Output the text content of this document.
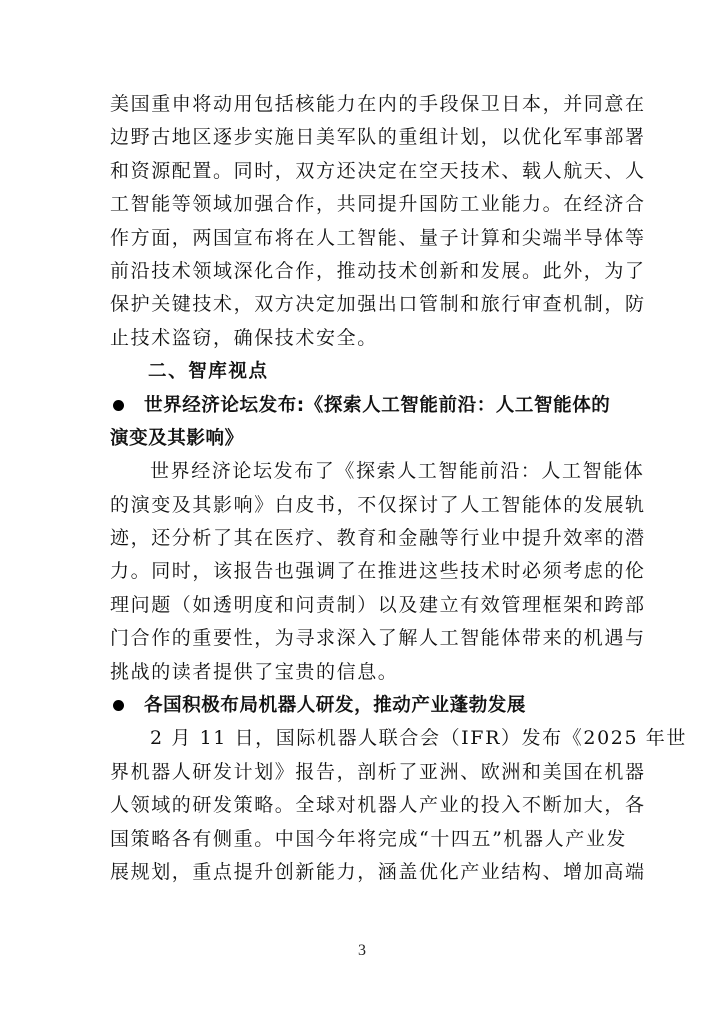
美国重申将动用包括核能力在内的手段保卫日本，并同意在
边野古地区逐步实施日美军队的重组计划，以优化军事部署
和资源配置。同时，双方还决定在空天技术、载人航天、人
工智能等领域加强合作，共同提升国防工业能力。在经济合
作方面，两国宣布将在人工智能、量子计算和尖端半导体等
前沿技术领域深化合作，推动技术创新和发展。此外，为了
保护关键技术，双方决定加强出口管制和旅行审查机制，防
止技术盗窃，确保技术安全。
二、智库视点
世界经济论坛发布:《探索人工智能前沿：人工智能体的
演变及其影响》
世界经济论坛发布了《探索人工智能前沿：人工智能体
的演变及其影响》白皮书，不仅探讨了人工智能体的发展轨
迹，还分析了其在医疗、教育和金融等行业中提升效率的潜
力。同时，该报告也强调了在推进这些技术时必须考虑的伦
理问题（如透明度和问责制）以及建立有效管理框架和跨部
门合作的重要性，为寻求深入了解人工智能体带来的机遇与
挑战的读者提供了宝贵的信息。
各国积极布局机器人研发，推动产业蓬勃发展
2 月 11 日，国际机器人联合会（IFR）发布《2025 年世
界机器人研发计划》报告，剖析了亚洲、欧洲和美国在机器
人领域的研发策略。全球对机器人产业的投入不断加大，各
国策略各有侧重。中国今年将完成“十四五”机器人产业发
展规划，重点提升创新能力，涵盖优化产业结构、增加高端
3
